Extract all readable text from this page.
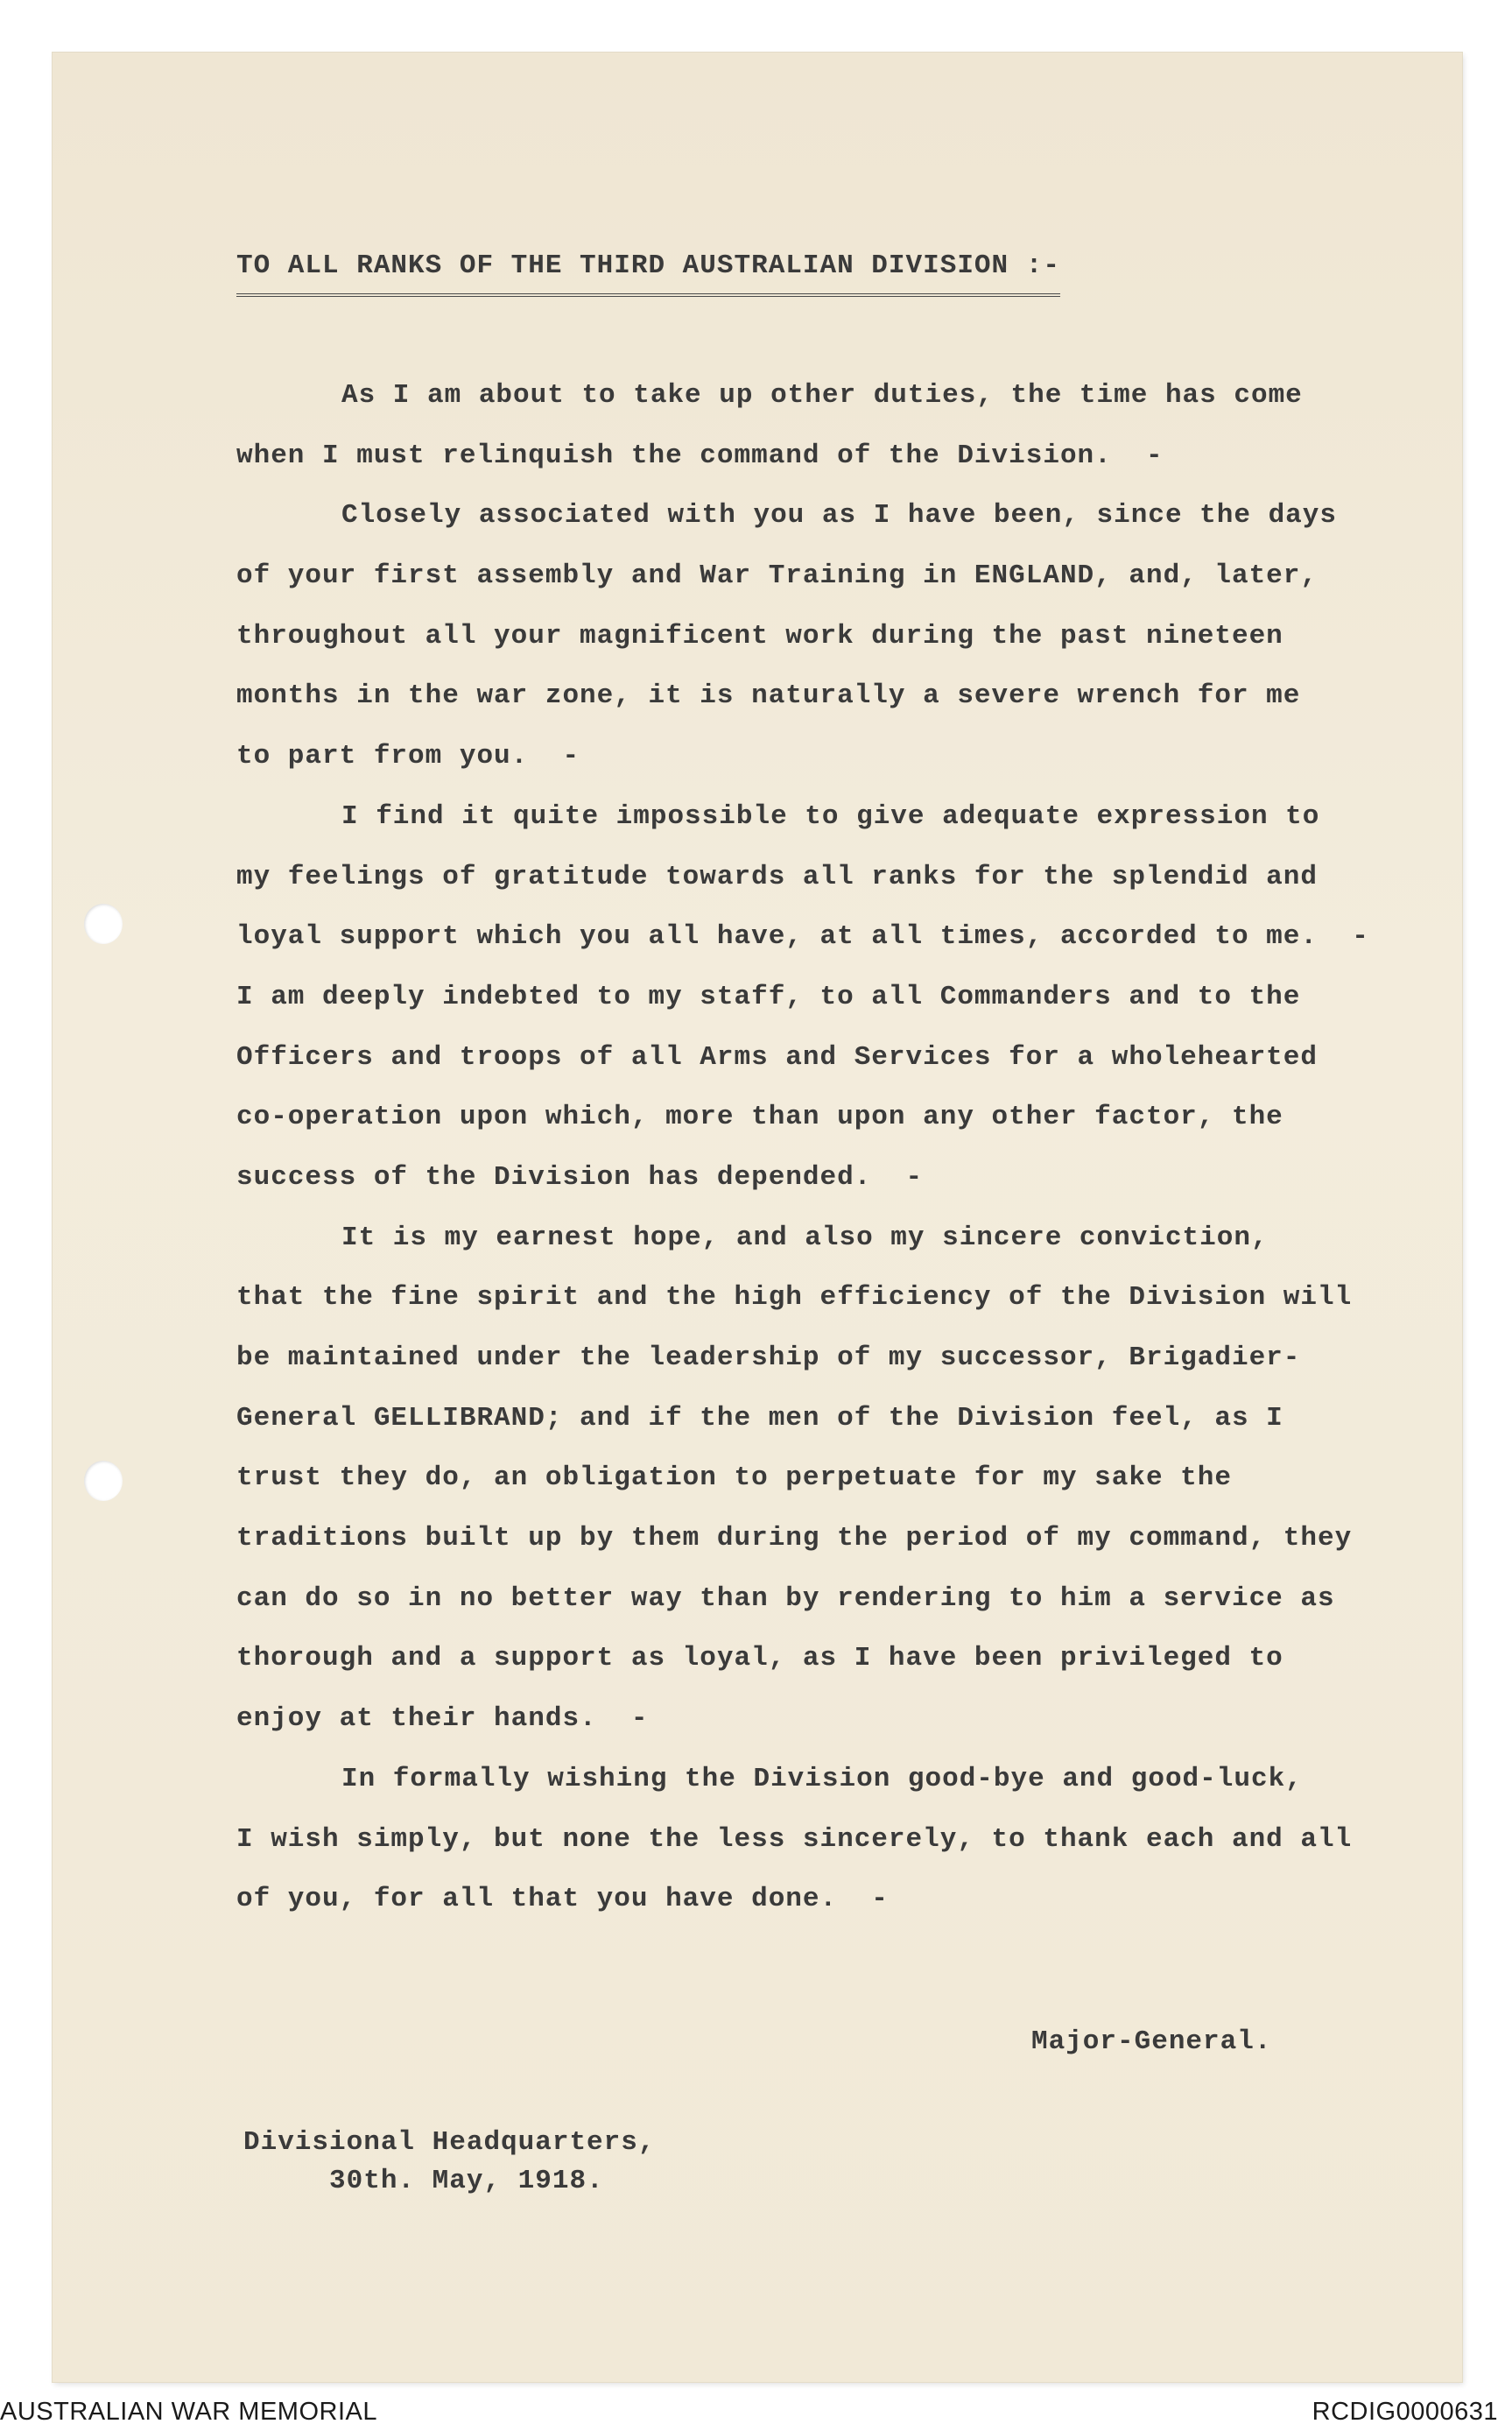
TO ALL RANKS OF THE THIRD AUSTRALIAN DIVISION :-
As I am about to take up other duties, the time has come
when I must relinquish the command of the Division.  -
Closely associated with you as I have been, since the days
of your first assembly and War Training in ENGLAND, and, later,
throughout all your magnificent work during the past nineteen
months in the war zone, it is naturally a severe wrench for me
to part from you.  -
I find it quite impossible to give adequate expression to
my feelings of gratitude towards all ranks for the splendid and
loyal support which you all have, at all times, accorded to me.  -
I am deeply indebted to my staff, to all Commanders and to the
Officers and troops of all Arms and Services for a wholehearted
co-operation upon which, more than upon any other factor, the
success of the Division has depended.  -
It is my earnest hope, and also my sincere conviction,
that the fine spirit and the high efficiency of the Division will
be maintained under the leadership of my successor, Brigadier-
General GELLIBRAND; and if the men of the Division feel, as I
trust they do, an obligation to perpetuate for my sake the
traditions built up by them during the period of my command, they
can do so in no better way than by rendering to him a service as
thorough and a support as loyal, as I have been privileged to
enjoy at their hands.  -
In formally wishing the Division good-bye and good-luck,
I wish simply, but none the less sincerely, to thank each and all
of you, for all that you have done.  -
Major-General.
Divisional Headquarters,
30th. May, 1918.
AUSTRALIAN WAR MEMORIAL	RCDIG0000631
